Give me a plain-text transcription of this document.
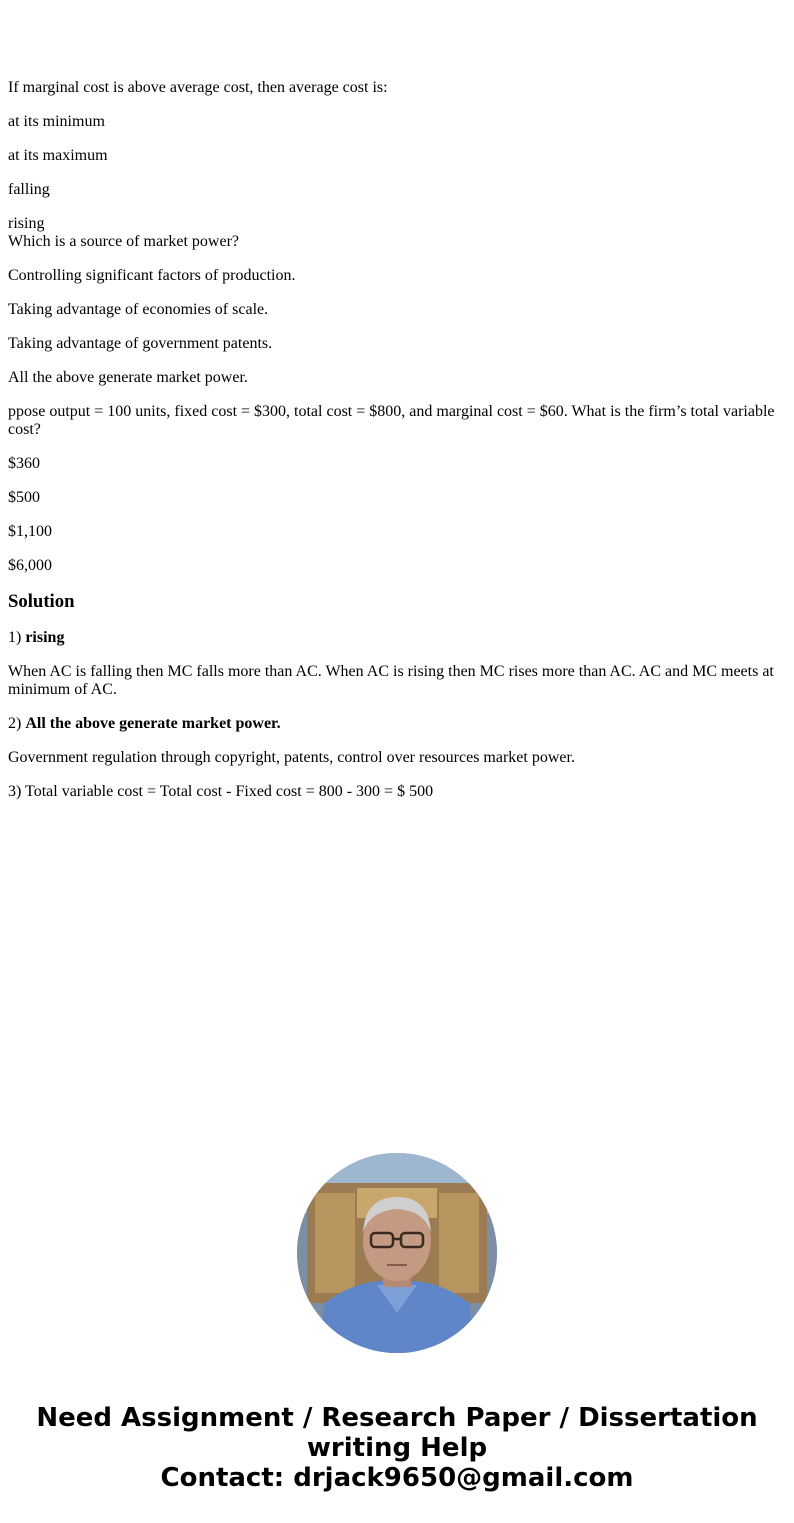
If marginal cost is above average cost, then average cost is:

at its minimum

at its maximum

falling

rising

Which is a source of market power?

Controlling significant factors of production.

Taking advantage of economies of scale.

Taking advantage of government patents.

All the above generate market power.

ppose output = 100 units, fixed cost = $300, total cost = $800, and marginal cost = $60. What is the firm’s total variable cost?

$360

$500

$1,100

$6,000

Solution

1) rising

When AC is falling then MC falls more than AC. When AC is rising then MC rises more than AC. AC and MC meets at minimum of AC.

2) All the above generate market power.

Government regulation through copyright, patents, control over resources market power.

3) Total variable cost = Total cost - Fixed cost = 800 - 300 = $ 500

Need Assignment / Research Paper / Dissertation
writing Help
Contact: drjack9650@gmail.com
